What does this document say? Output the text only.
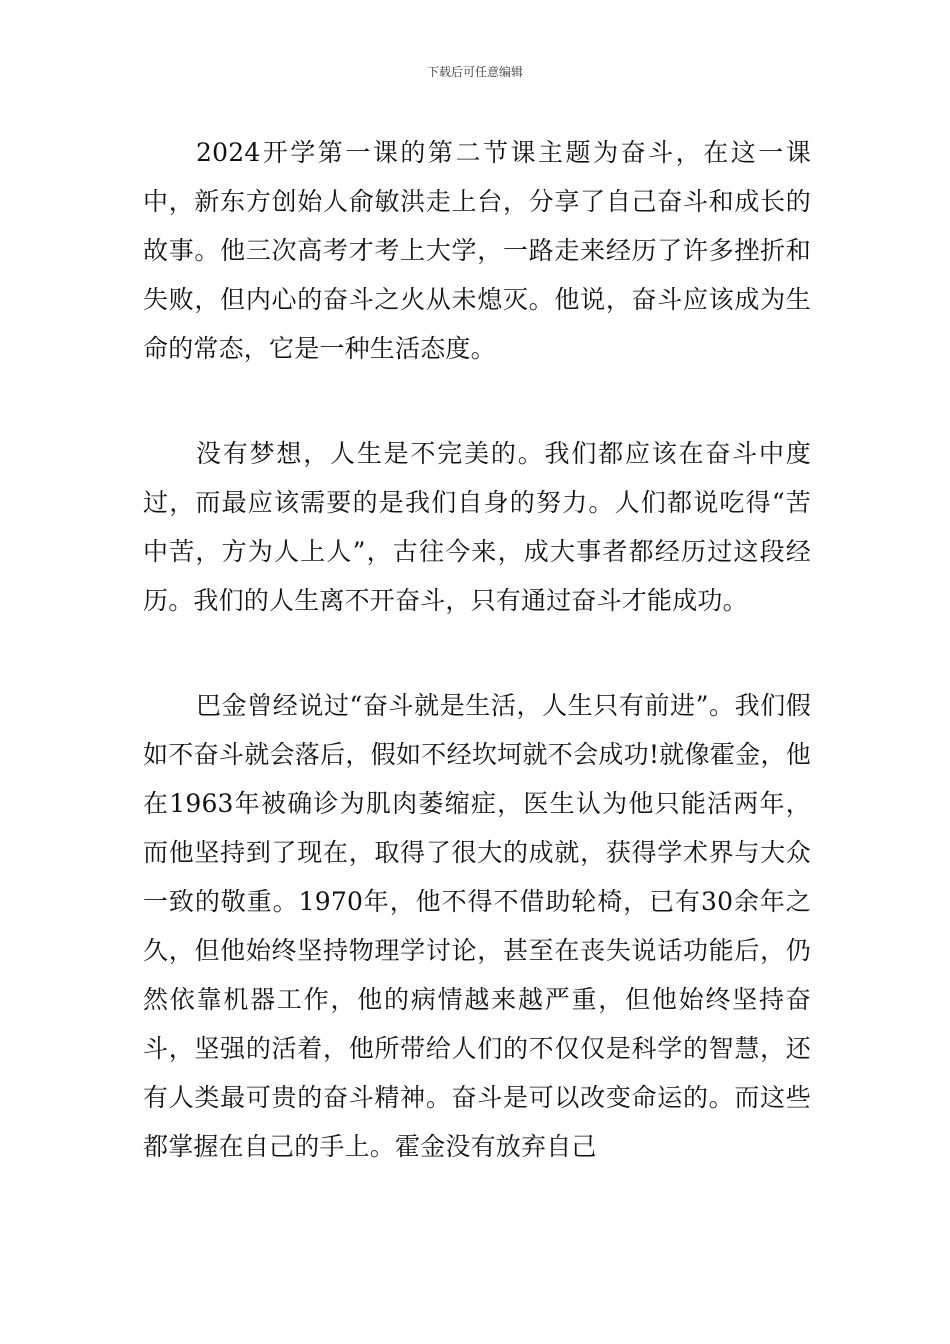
下载后可任意编辑

2024开学第一课的第二节课主题为奋斗，在这一课中，新东方创始人俞敏洪走上台，分享了自己奋斗和成长的故事。他三次高考才考上大学，一路走来经历了许多挫折和失败，但内心的奋斗之火从未熄灭。他说，奋斗应该成为生命的常态，它是一种生活态度。

没有梦想，人生是不完美的。我们都应该在奋斗中度过，而最应该需要的是我们自身的努力。人们都说吃得“苦中苦，方为人上人”，古往今来，成大事者都经历过这段经历。我们的人生离不开奋斗，只有通过奋斗才能成功。

巴金曾经说过“奋斗就是生活，人生只有前进”。我们假如不奋斗就会落后，假如不经坎坷就不会成功!就像霍金，他在1963年被确诊为肌肉萎缩症，医生认为他只能活两年，而他坚持到了现在，取得了很大的成就，获得学术界与大众一致的敬重。1970年，他不得不借助轮椅，已有30余年之久，但他始终坚持物理学讨论，甚至在丧失说话功能后，仍然依靠机器工作，他的病情越来越严重，但他始终坚持奋斗，坚强的活着，他所带给人们的不仅仅是科学的智慧，还有人类最可贵的奋斗精神。奋斗是可以改变命运的。而这些都掌握在自己的手上。霍金没有放弃自己
